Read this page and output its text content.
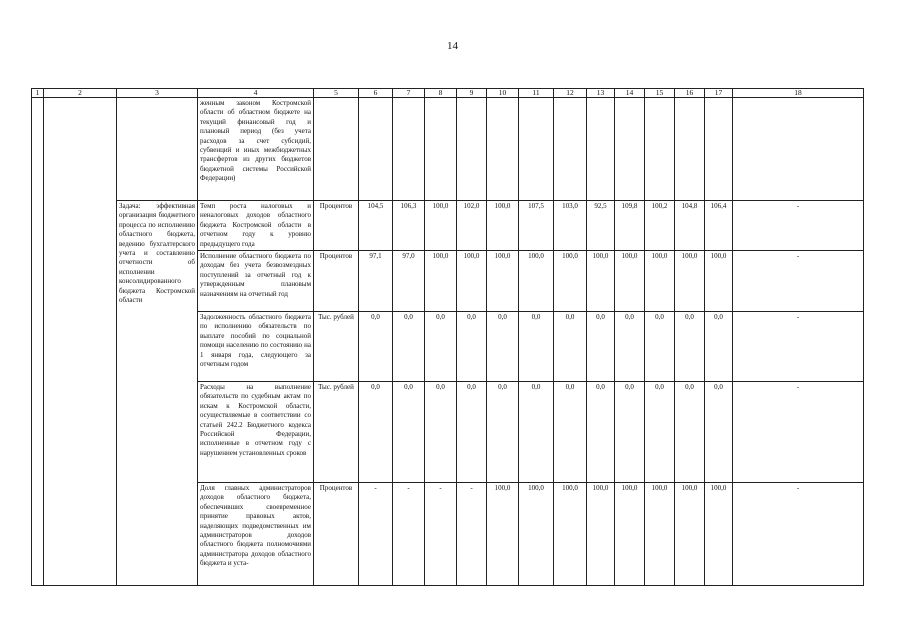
14
1	2	3	4	5	6	7	8	9	10	11	12	13	14	15	16	17	18
			женным законом Костромской области об областном бюджете на текущий финансовый год и плановый период (без учета расходов за счет субсидий, субвенций и иных межбюджетных трансфертов из других бюджетов бюджетной системы Российской Федерации)														
		Задача: эффективная организация бюджетного процесса по исполнению областного бюджета, ведению бухгалтерского учета и составлению отчетности об исполнении консолидированного бюджета Костромской области	Темп роста налоговых и неналоговых доходов областного бюджета Костромской области в отчетном году к уровню предыдущего года	Процентов	104,5	106,3	100,0	102,0	100,0	107,5	103,0	92,5	109,8	100,2	104,8	106,4	-
			Исполнение областного бюджета по доходам без учета безвозмездных поступлений за отчетный год к утвержденным плановым назначениям на отчетный год	Процентов	97,1	97,0	100,0	100,0	100,0	100,0	100,0	100,0	100,0	100,0	100,0	100,0	-
			Задолженность областного бюджета по исполнению обязательств по выплате пособий по социальной помощи населению по состоянию на 1 января года, следующего за отчетным годом	Тыс. рублей	0,0	0,0	0,0	0,0	0,0	0,0	0,0	0,0	0,0	0,0	0,0	0,0	-
			Расходы на выполнение обязательств по судебным актам по искам к Костромской области, осуществляемые в соответствии со статьей 242.2 Бюджетного кодекса Российской Федерации, исполненные в отчетном году с нарушением установленных сроков	Тыс. рублей	0,0	0,0	0,0	0,0	0,0	0,0	0,0	0,0	0,0	0,0	0,0	0,0	-
			Доля главных администраторов доходов областного бюджета, обеспечивших своевременное принятие правовых актов, наделяющих подведомственных им администраторов доходов областного бюджета полномочиями администратора доходов областного бюджета и уста-	Процентов	-	-	-	-	100,0	100,0	100,0	100,0	100,0	100,0	100,0	100,0	-
